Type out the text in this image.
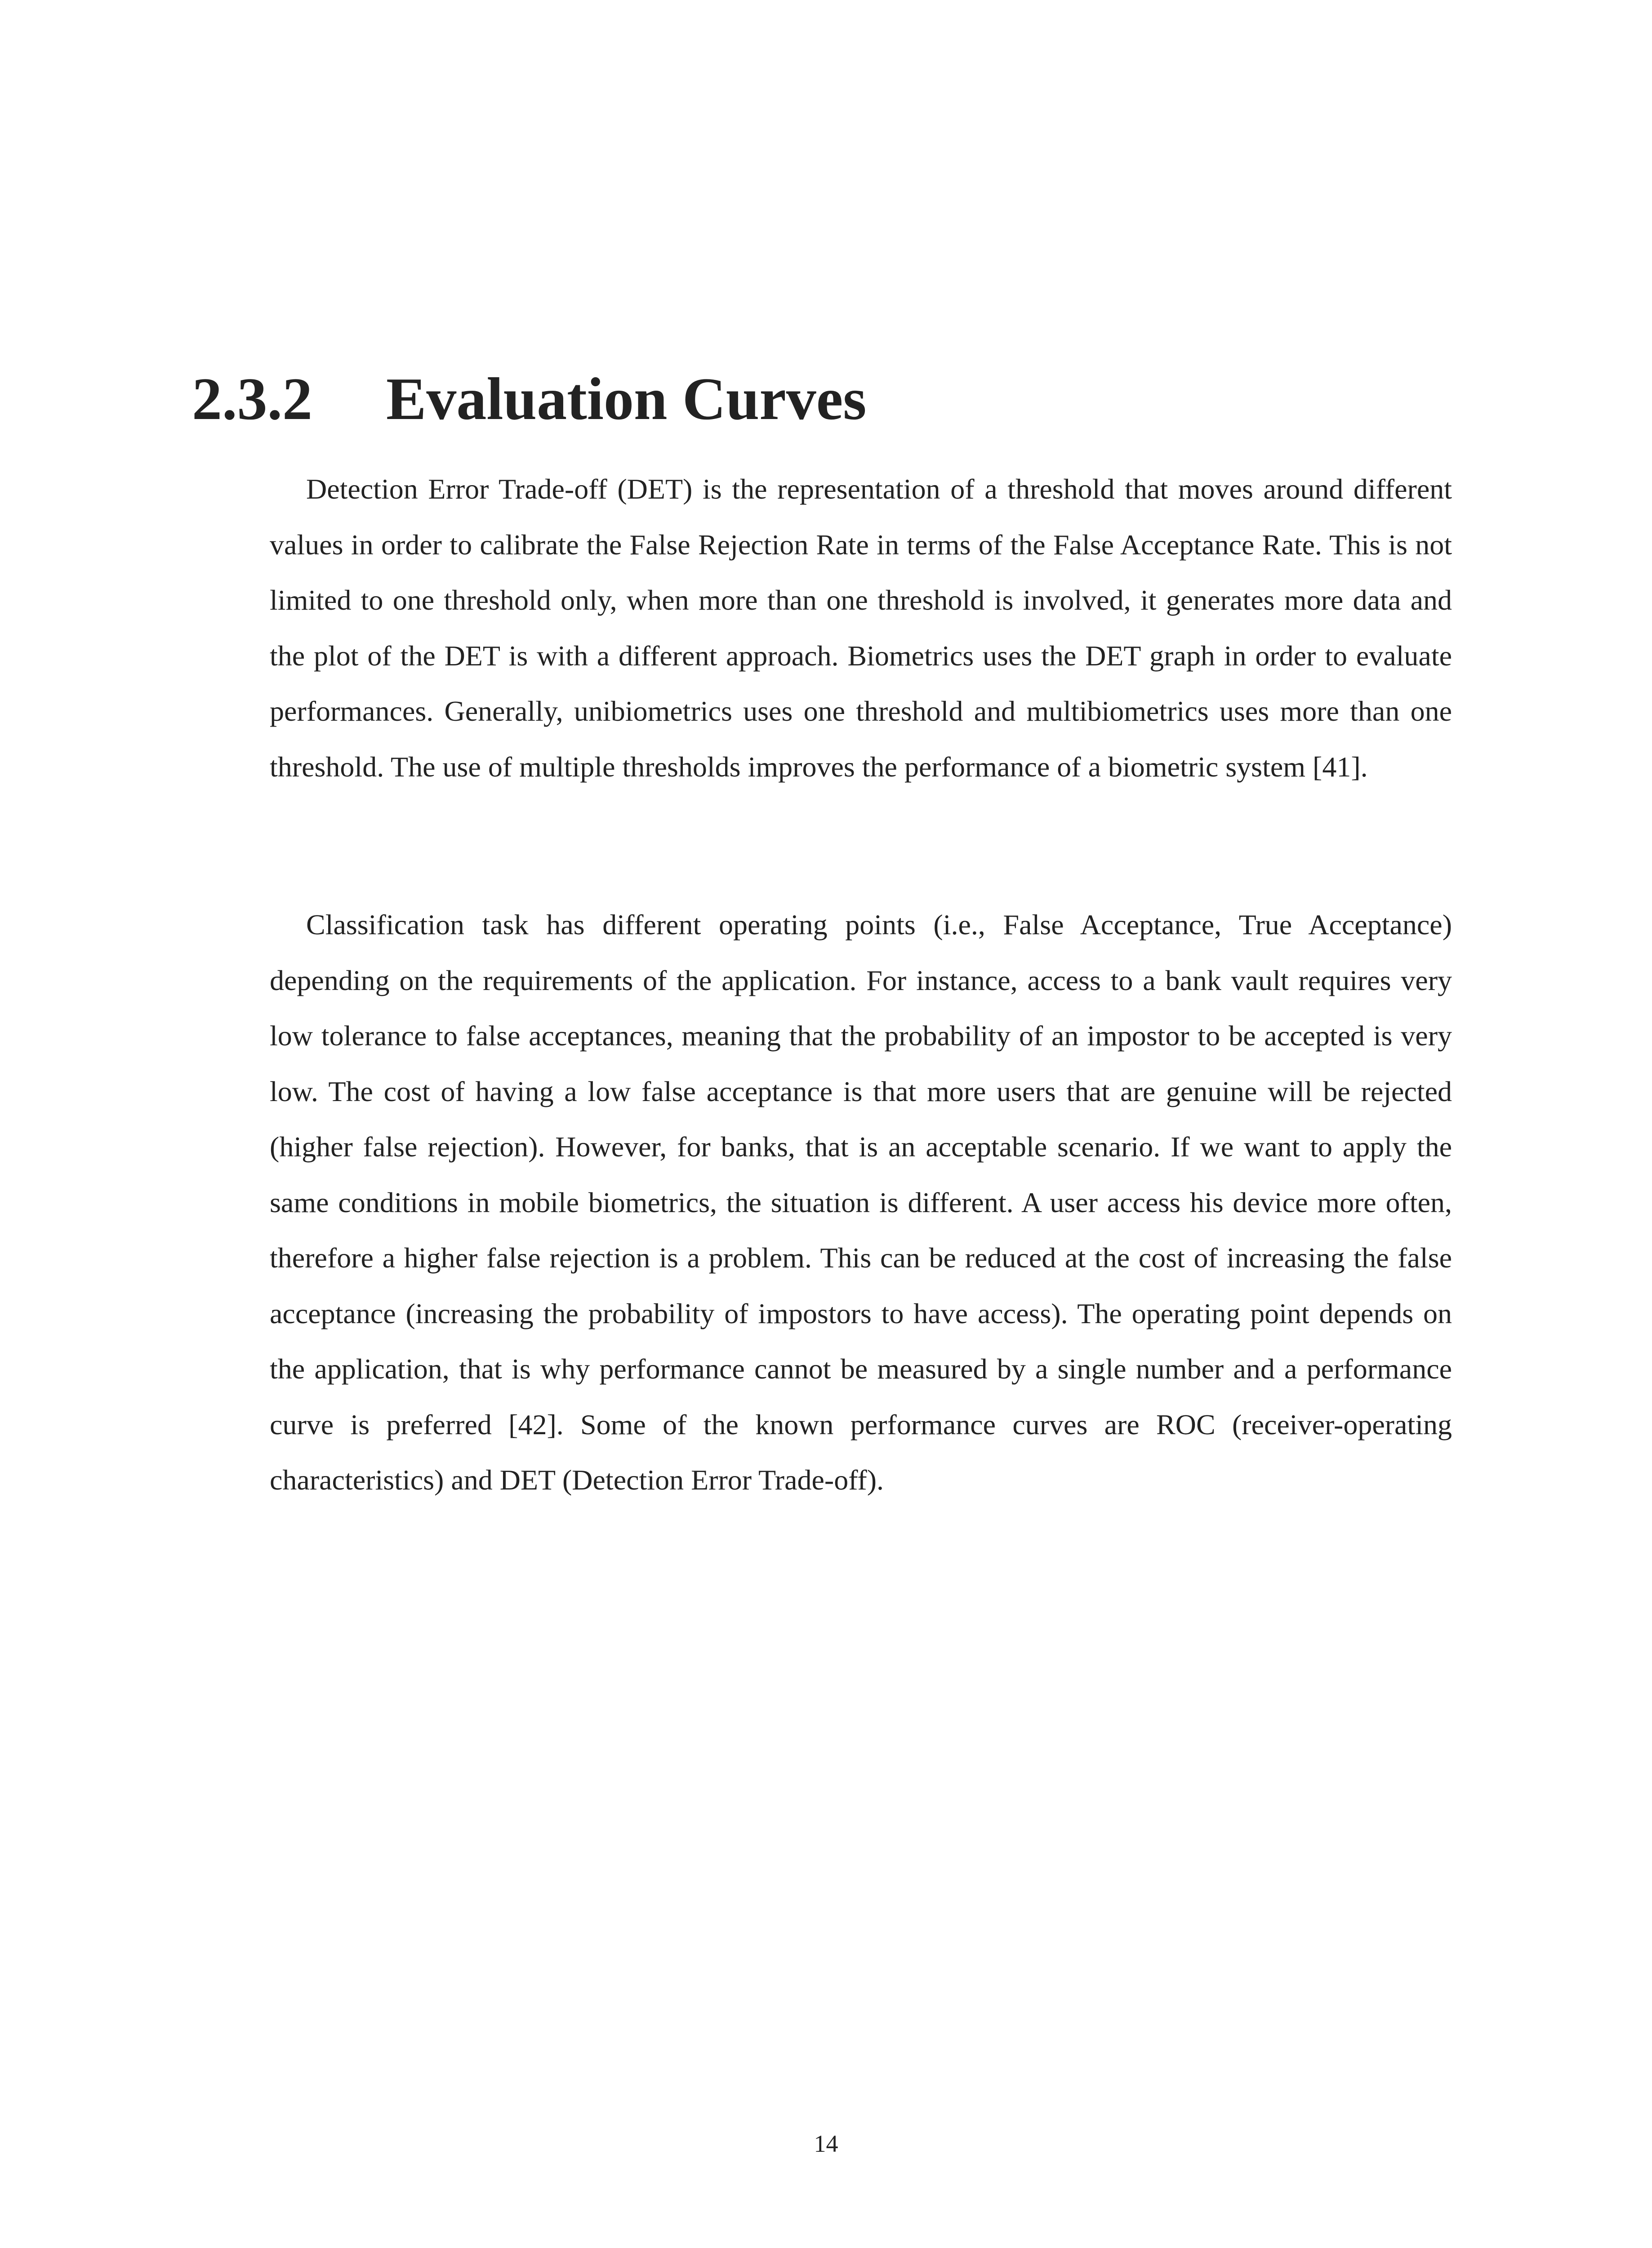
2.3.2 Evaluation Curves

Detection Error Trade-off (DET) is the representation of a threshold that moves around different values in order to calibrate the False Rejection Rate in terms of the False Acceptance Rate. This is not limited to one threshold only, when more than one threshold is involved, it generates more data and the plot of the DET is with a different approach. Biometrics uses the DET graph in order to evaluate performances. Generally, unibiometrics uses one threshold and multibiometrics uses more than one threshold. The use of multiple thresholds improves the performance of a biometric system [41].

Classification task has different operating points (i.e., False Acceptance, True Acceptance) depending on the requirements of the application. For instance, access to a bank vault requires very low tolerance to false acceptances, meaning that the probability of an impostor to be accepted is very low. The cost of having a low false acceptance is that more users that are genuine will be rejected (higher false rejection). However, for banks, that is an acceptable scenario. If we want to apply the same conditions in mobile biometrics, the situation is different. A user access his device more often, therefore a higher false rejection is a problem. This can be reduced at the cost of increasing the false acceptance (increasing the probability of impostors to have access). The operating point depends on the application, that is why performance cannot be measured by a single number and a performance curve is preferred [42]. Some of the known performance curves are ROC (receiver-operating characteristics) and DET (Detection Error Trade-off).

14
